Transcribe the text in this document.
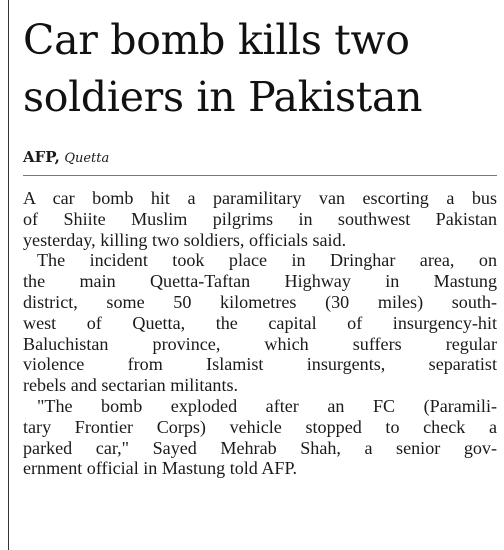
Car bomb kills two
soldiers in Pakistan
AFP, Quetta

A car bomb hit a paramilitary van escorting a bus
of Shiite Muslim pilgrims in southwest Pakistan
yesterday, killing two soldiers, officials said.

The incident took place in Dringhar area, on
the main Quetta-Taftan Highway in Mastung
district, some 50 kilometres (30 miles) south-
west of Quetta, the capital of insurgency-hit
Baluchistan province, which suffers regular
violence from Islamist insurgents, separatist
rebels and sectarian militants.

"The bomb exploded after an FC (Paramili-
tary Frontier Corps) vehicle stopped to check a
parked car," Sayed Mehrab Shah, a senior gov-
ernment official in Mastung told AFP.
